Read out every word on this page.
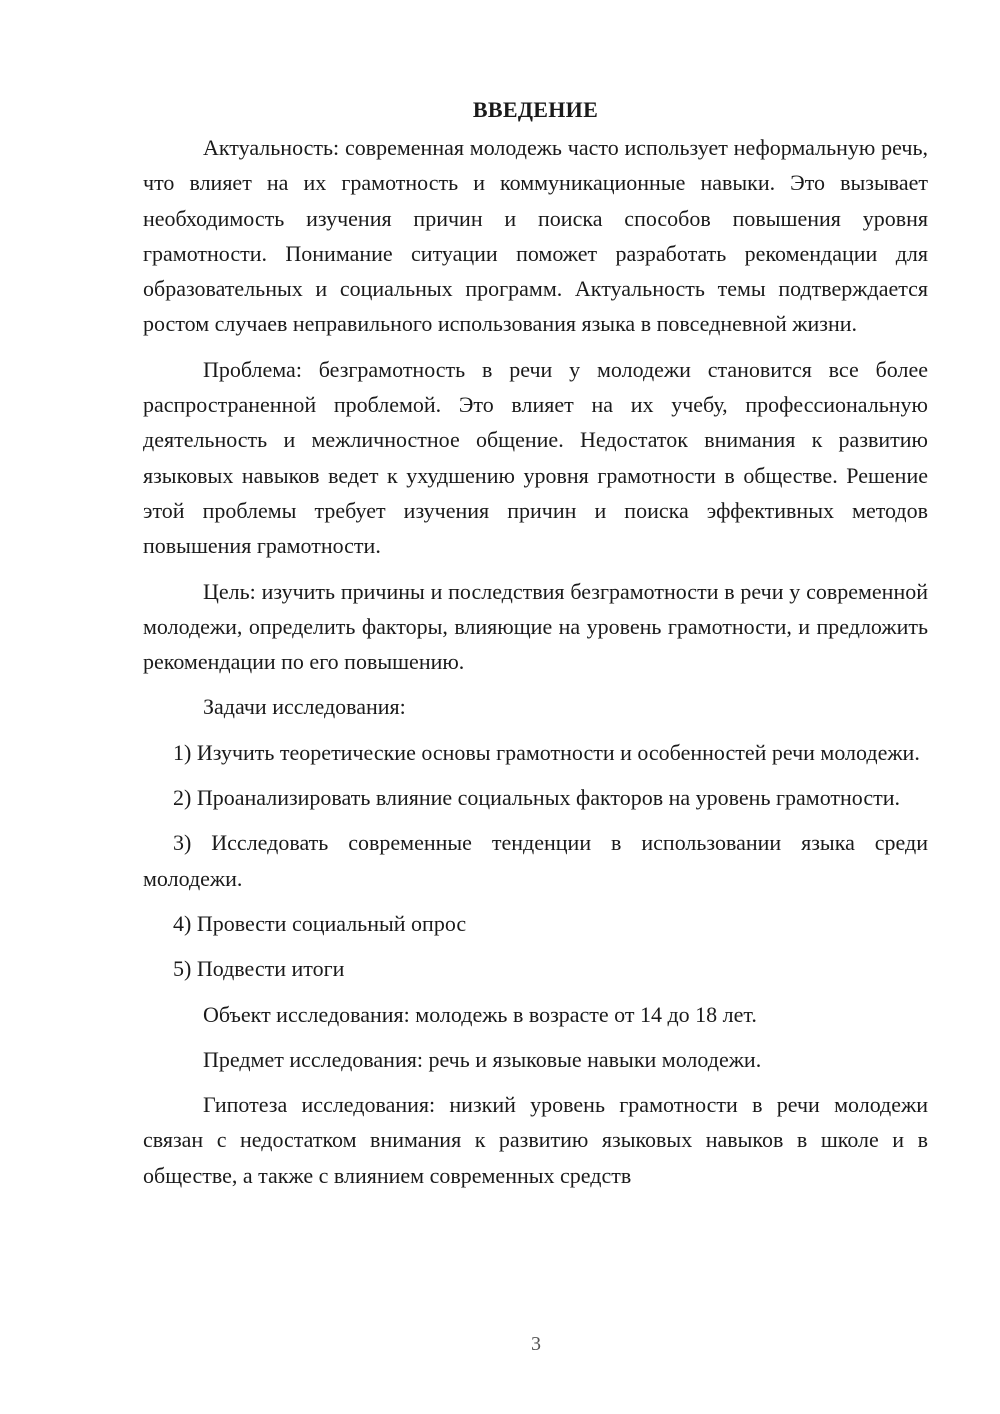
ВВЕДЕНИЕ

Актуальность: современная молодежь часто использует неформальную речь, что влияет на их грамотность и коммуникационные навыки. Это вызывает необходимость изучения причин и поиска способов повышения уровня грамотности. Понимание ситуации поможет разработать рекомендации для образовательных и социальных программ. Актуальность темы подтверждается ростом случаев неправильного использования языка в повседневной жизни.

Проблема: безграмотность в речи у молодежи становится все более распространенной проблемой. Это влияет на их учебу, профессиональную деятельность и межличностное общение. Недостаток внимания к развитию языковых навыков ведет к ухудшению уровня грамотности в обществе. Решение этой проблемы требует изучения причин и поиска эффективных методов повышения грамотности.

Цель: изучить причины и последствия безграмотности в речи у современной молодежи, определить факторы, влияющие на уровень грамотности, и предложить рекомендации по его повышению.

Задачи исследования:

1) Изучить теоретические основы грамотности и особенностей речи молодежи.

2) Проанализировать влияние социальных факторов на уровень грамотности.

3) Исследовать современные тенденции в использовании языка среди молодежи.

4) Провести социальный опрос

5) Подвести итоги

Объект исследования: молодежь в возрасте от 14 до 18 лет.

Предмет исследования: речь и языковые навыки молодежи.

Гипотеза исследования: низкий уровень грамотности в речи молодежи связан с недостатком внимания к развитию языковых навыков в школе и в обществе, а также с влиянием современных средств

3
